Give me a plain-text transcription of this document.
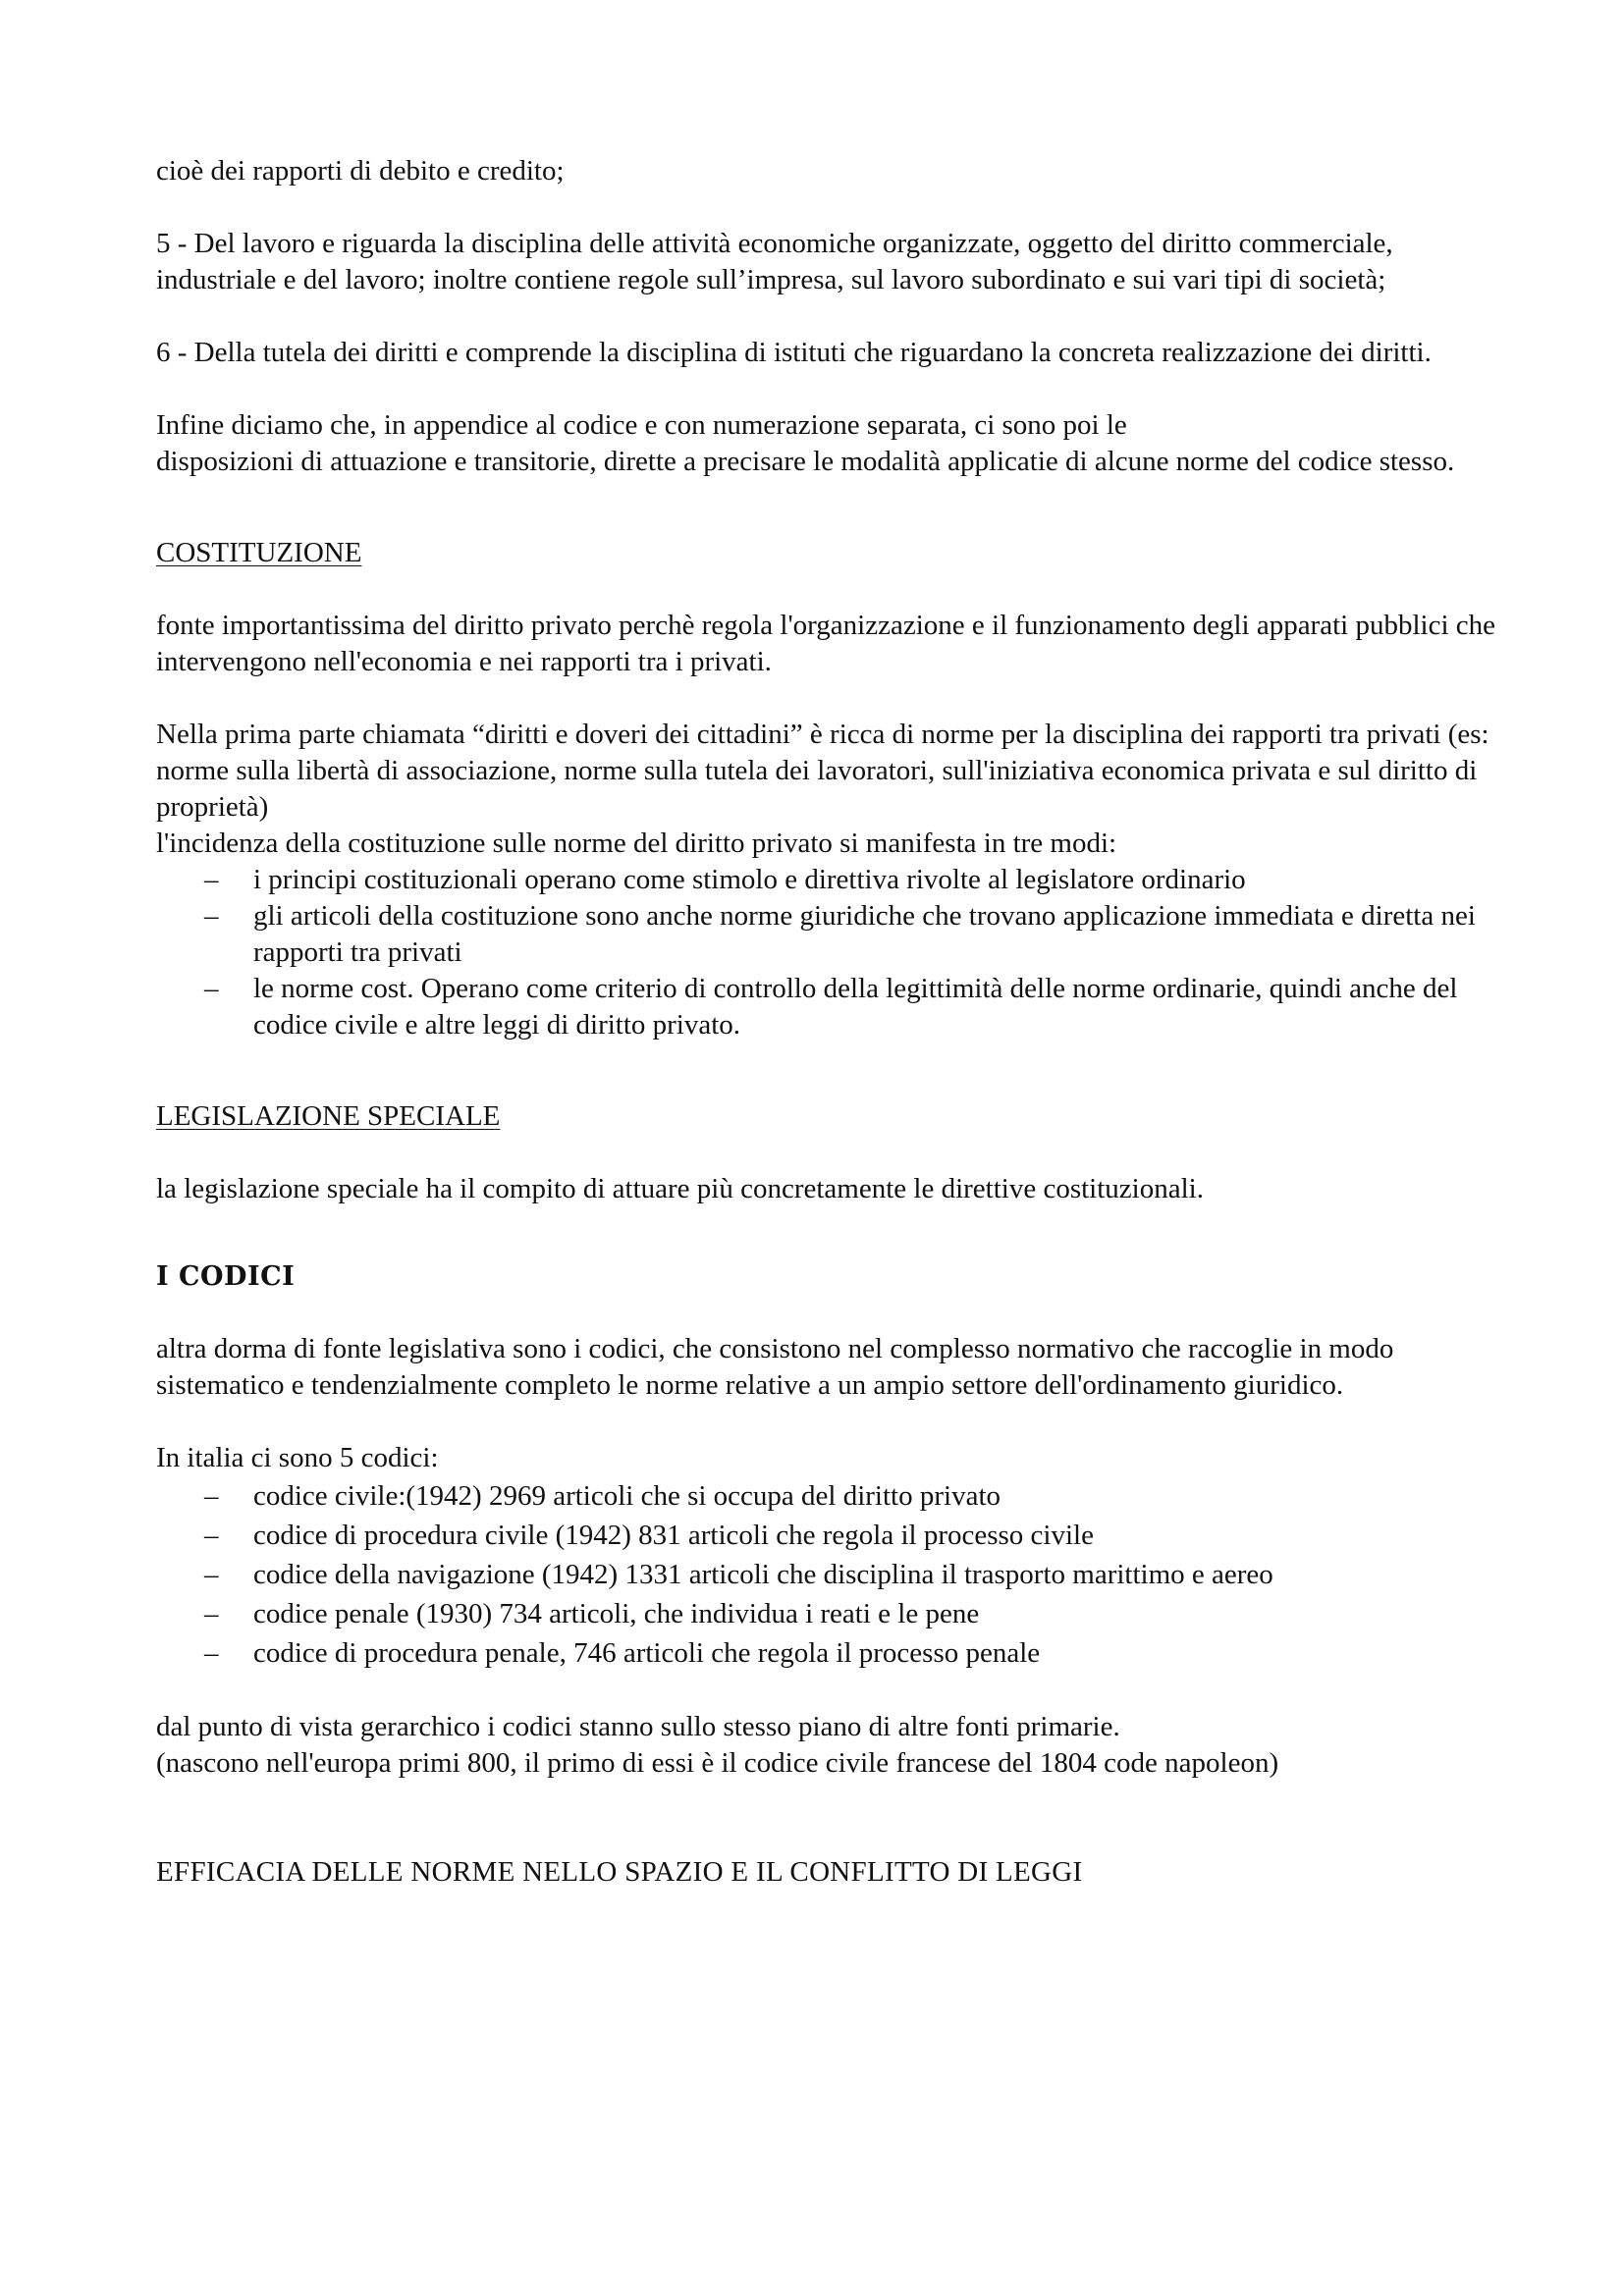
cioè dei rapporti di debito e credito;

5 - Del lavoro e riguarda la disciplina delle attività economiche organizzate, oggetto del diritto commerciale, industriale e del lavoro; inoltre contiene regole sull’impresa, sul lavoro subordinato e sui vari tipi di società;

6 - Della tutela dei diritti e comprende la disciplina di istituti che riguardano la concreta realizzazione dei diritti.

Infine diciamo che, in appendice al codice e con numerazione separata, ci sono poi le

disposizioni di attuazione e transitorie, dirette a precisare le modalità applicatie di alcune norme del codice stesso.

COSTITUZIONE

fonte importantissima del diritto privato perchè regola l'organizzazione e il funzionamento degli apparati pubblici che intervengono nell'economia e nei rapporti tra i privati.

Nella prima parte chiamata “diritti e doveri dei cittadini” è ricca di norme per la disciplina dei rapporti tra privati (es: norme sulla libertà di associazione, norme sulla tutela dei lavoratori, sull'iniziativa economica privata e sul diritto di proprietà)

l'incidenza della costituzione sulle norme del diritto privato si manifesta in tre modi:

– i principi costituzionali operano come stimolo e direttiva rivolte al legislatore ordinario
– gli articoli della costituzione sono anche norme giuridiche che trovano applicazione immediata e diretta nei rapporti tra privati
– le norme cost. Operano come criterio di controllo della legittimità delle norme ordinarie, quindi anche del codice civile e altre leggi di diritto privato.

LEGISLAZIONE SPECIALE

la legislazione speciale ha il compito di attuare più concretamente le direttive costituzionali.

I CODICI

altra dorma di fonte legislativa sono i codici, che consistono nel complesso normativo che raccoglie in modo sistematico e tendenzialmente completo le norme relative a un ampio settore dell'ordinamento giuridico.

In italia ci sono 5 codici:

– codice civile:(1942) 2969 articoli che si occupa del diritto privato
– codice di procedura civile (1942) 831 articoli che regola il processo civile
– codice della navigazione (1942) 1331 articoli che disciplina il trasporto marittimo e aereo
– codice penale (1930) 734 articoli, che individua i reati e le pene
– codice di procedura penale, 746 articoli che regola il processo penale

dal punto di vista gerarchico i codici stanno sullo stesso piano di altre fonti primarie.

(nascono nell'europa primi 800, il primo di essi è il codice civile francese del 1804 code napoleon)

EFFICACIA DELLE NORME NELLO SPAZIO E IL CONFLITTO DI LEGGI
